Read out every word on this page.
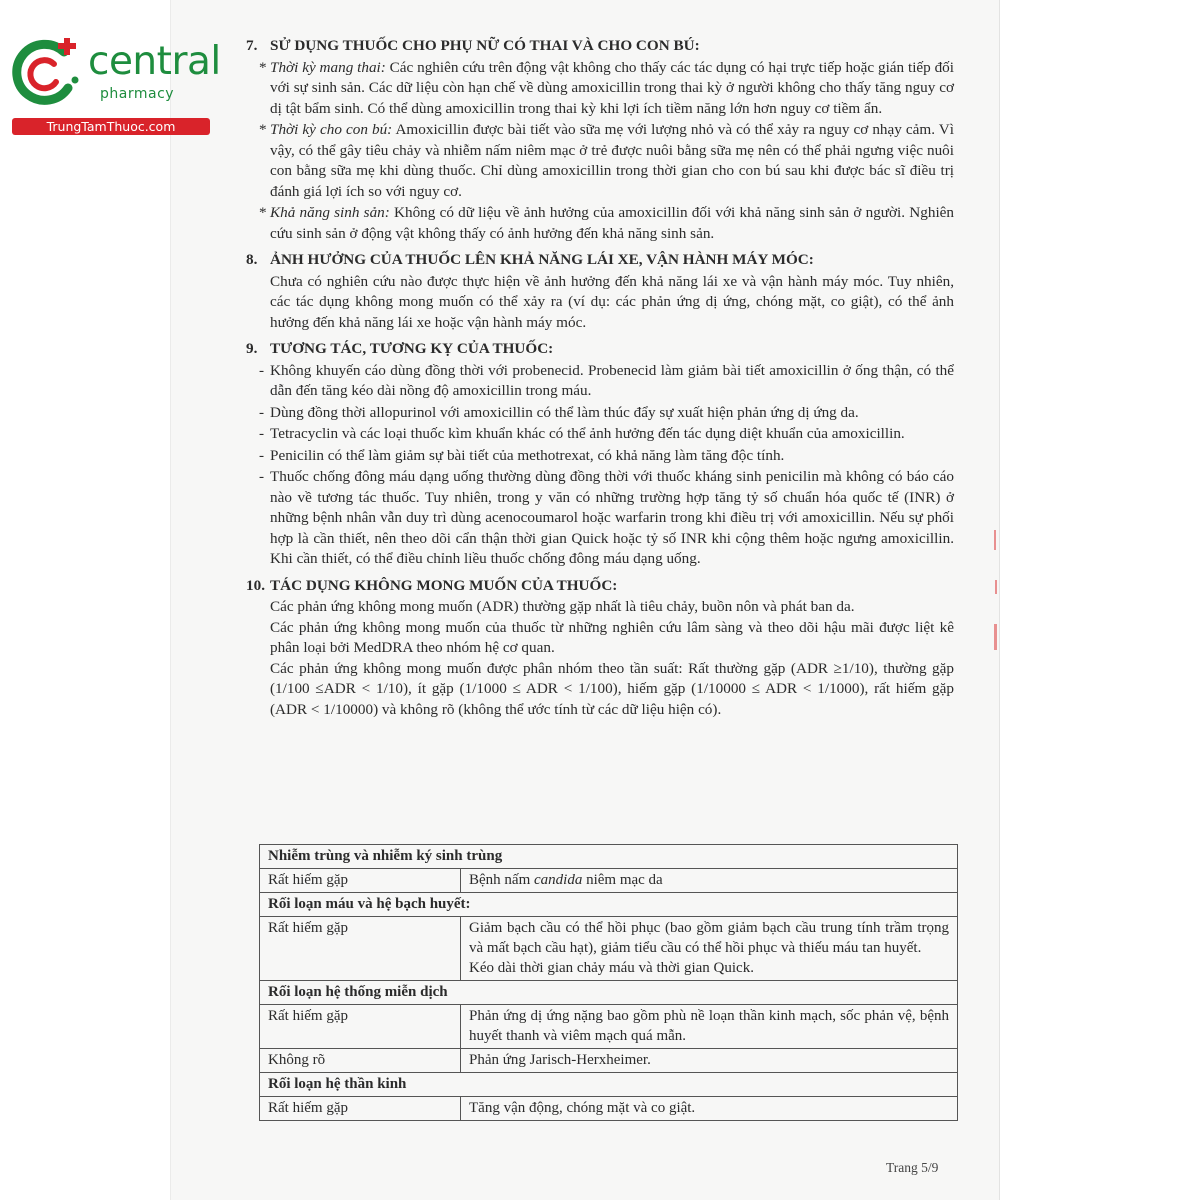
central
pharmacy
TrungTamThuoc.com
7. SỬ DỤNG THUỐC CHO PHỤ NỮ CÓ THAI VÀ CHO CON BÚ:
* Thời kỳ mang thai: Các nghiên cứu trên động vật không cho thấy các tác dụng có hại trực tiếp hoặc gián tiếp đối với sự sinh sản. Các dữ liệu còn hạn chế về dùng amoxicillin trong thai kỳ ở người không cho thấy tăng nguy cơ dị tật bẩm sinh. Có thể dùng amoxicillin trong thai kỳ khi lợi ích tiềm năng lớn hơn nguy cơ tiềm ẩn.
* Thời kỳ cho con bú: Amoxicillin được bài tiết vào sữa mẹ với lượng nhỏ và có thể xảy ra nguy cơ nhạy cảm. Vì vậy, có thể gây tiêu chảy và nhiễm nấm niêm mạc ở trẻ được nuôi bằng sữa mẹ nên có thể phải ngưng việc nuôi con bằng sữa mẹ khi dùng thuốc. Chỉ dùng amoxicillin trong thời gian cho con bú sau khi được bác sĩ điều trị đánh giá lợi ích so với nguy cơ.
* Khả năng sinh sản: Không có dữ liệu về ảnh hưởng của amoxicillin đối với khả năng sinh sản ở người. Nghiên cứu sinh sản ở động vật không thấy có ảnh hưởng đến khả năng sinh sản.
8. ẢNH HƯỞNG CỦA THUỐC LÊN KHẢ NĂNG LÁI XE, VẬN HÀNH MÁY MÓC:
Chưa có nghiên cứu nào được thực hiện về ảnh hưởng đến khả năng lái xe và vận hành máy móc. Tuy nhiên, các tác dụng không mong muốn có thể xảy ra (ví dụ: các phản ứng dị ứng, chóng mặt, co giật), có thể ảnh hưởng đến khả năng lái xe hoặc vận hành máy móc.
9. TƯƠNG TÁC, TƯƠNG KỴ CỦA THUỐC:
- Không khuyến cáo dùng đồng thời với probenecid. Probenecid làm giảm bài tiết amoxicillin ở ống thận, có thể dẫn đến tăng kéo dài nồng độ amoxicillin trong máu.
- Dùng đồng thời allopurinol với amoxicillin có thể làm thúc đẩy sự xuất hiện phản ứng dị ứng da.
- Tetracyclin và các loại thuốc kìm khuẩn khác có thể ảnh hưởng đến tác dụng diệt khuẩn của amoxicillin.
- Penicilin có thể làm giảm sự bài tiết của methotrexat, có khả năng làm tăng độc tính.
- Thuốc chống đông máu dạng uống thường dùng đồng thời với thuốc kháng sinh penicilin mà không có báo cáo nào về tương tác thuốc. Tuy nhiên, trong y văn có những trường hợp tăng tỷ số chuẩn hóa quốc tế (INR) ở những bệnh nhân vẫn duy trì dùng acenocoumarol hoặc warfarin trong khi điều trị với amoxicillin. Nếu sự phối hợp là cần thiết, nên theo dõi cẩn thận thời gian Quick hoặc tỷ số INR khi cộng thêm hoặc ngưng amoxicillin. Khi cần thiết, có thể điều chỉnh liều thuốc chống đông máu dạng uống.
10. TÁC DỤNG KHÔNG MONG MUỐN CỦA THUỐC:
Các phản ứng không mong muốn (ADR) thường gặp nhất là tiêu chảy, buồn nôn và phát ban da.
Các phản ứng không mong muốn của thuốc từ những nghiên cứu lâm sàng và theo dõi hậu mãi được liệt kê phân loại bởi MedDRA theo nhóm hệ cơ quan.
Các phản ứng không mong muốn được phân nhóm theo tần suất: Rất thường gặp (ADR ≥1/10), thường gặp (1/100 ≤ADR < 1/10), ít gặp (1/1000 ≤ ADR < 1/100), hiếm gặp (1/10000 ≤ ADR < 1/1000), rất hiếm gặp (ADR < 1/10000) và không rõ (không thể ước tính từ các dữ liệu hiện có).
Nhiễm trùng và nhiễm ký sinh trùng	
Rất hiếm gặp	Bệnh nấm candida niêm mạc da
Rối loạn máu và hệ bạch huyết:	
Rất hiếm gặp	Giảm bạch cầu có thể hồi phục (bao gồm giảm bạch cầu trung tính trầm trọng và mất bạch cầu hạt), giảm tiểu cầu có thể hồi phục và thiếu máu tan huyết.
Kéo dài thời gian chảy máu và thời gian Quick.

Rối loạn hệ thống miễn dịch	
Rất hiếm gặp	Phản ứng dị ứng nặng bao gồm phù nề loạn thần kinh mạch, sốc phản vệ, bệnh huyết thanh và viêm mạch quá mẫn.
Không rõ	Phản ứng Jarisch-Herxheimer.
Rối loạn hệ thần kinh	
Rất hiếm gặp	Tăng vận động, chóng mặt và co giật.
Trang 5/9
